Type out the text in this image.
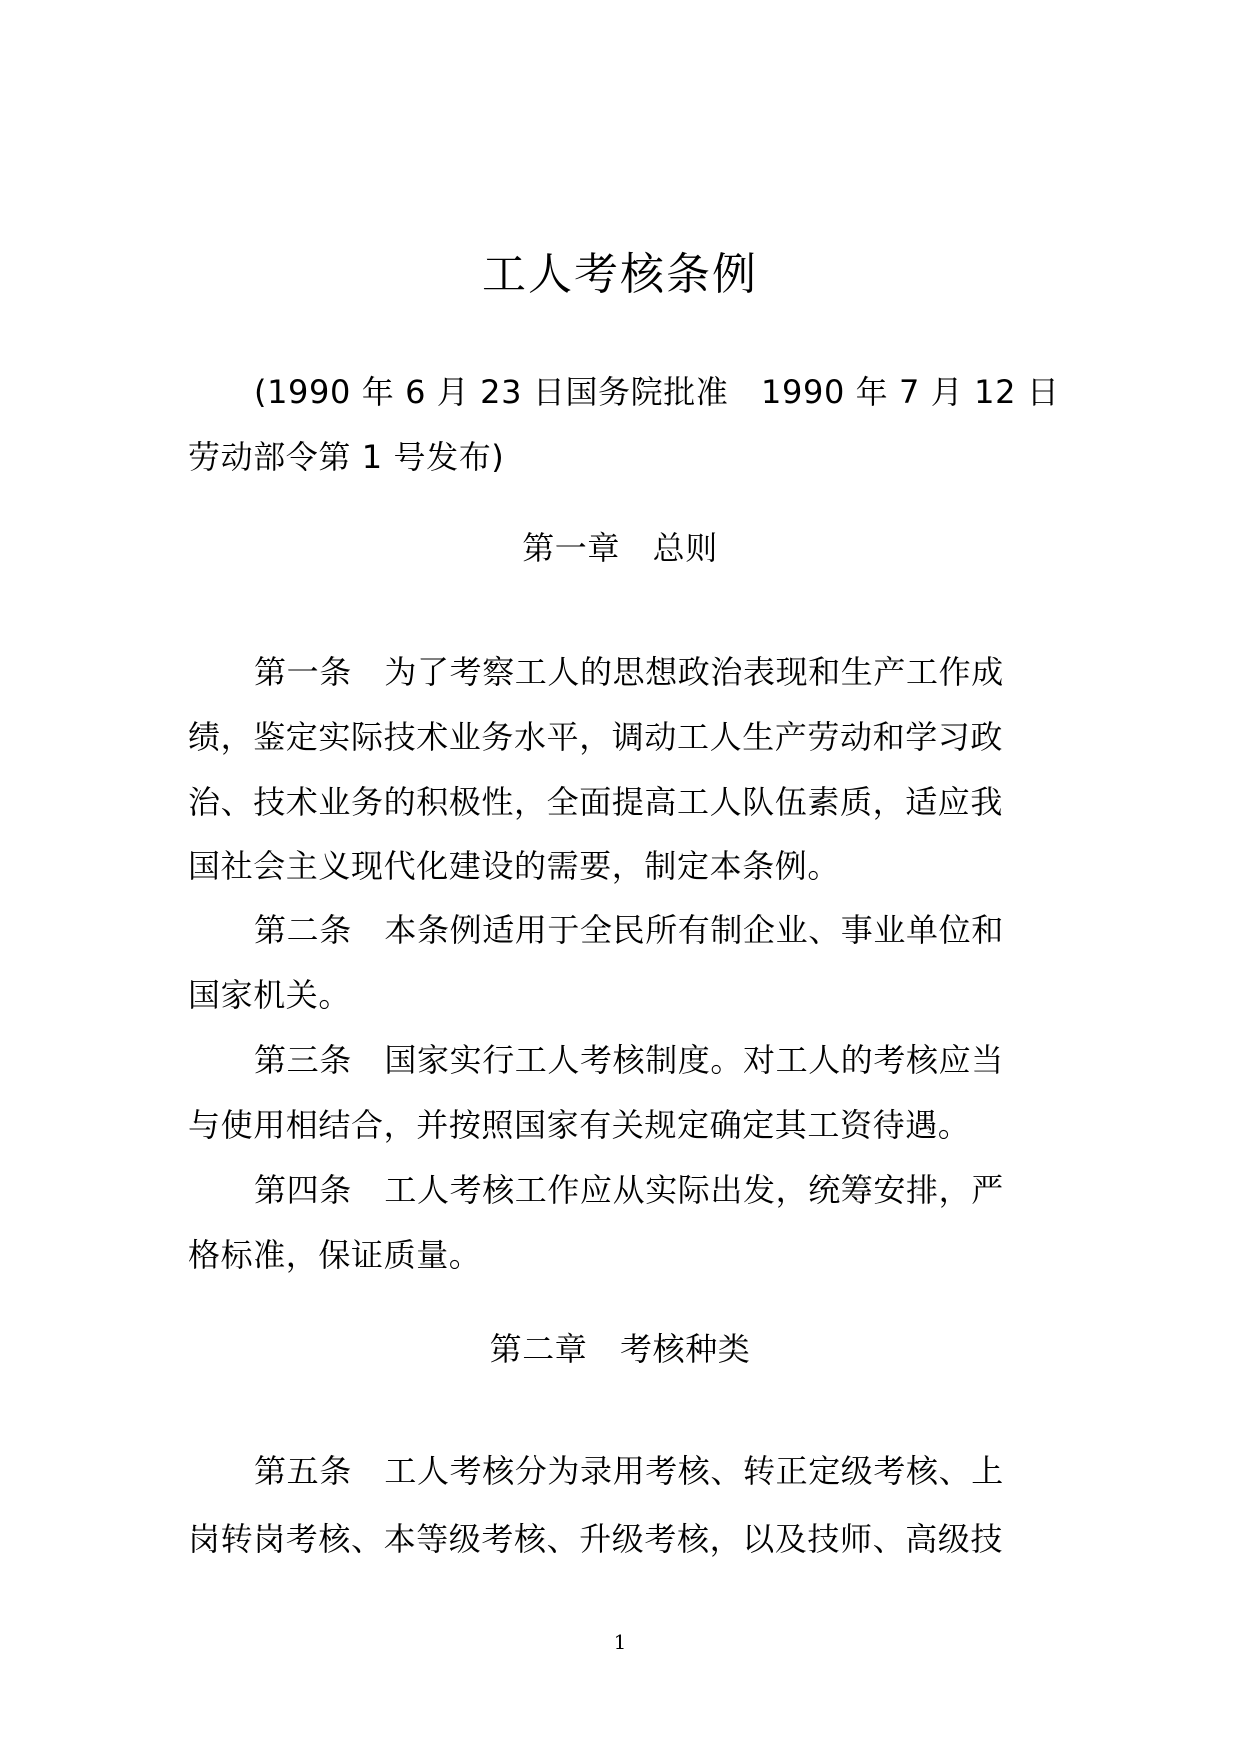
工人考核条例
(1990 年 6 月 23 日国务院批准　1990 年 7 月 12 日
劳动部令第 1 号发布)
第一章　总则
第一条　为了考察工人的思想政治表现和生产工作成
绩，鉴定实际技术业务水平，调动工人生产劳动和学习政
治、技术业务的积极性，全面提高工人队伍素质，适应我
国社会主义现代化建设的需要，制定本条例。
第二条　本条例适用于全民所有制企业、事业单位和
国家机关。
第三条　国家实行工人考核制度。对工人的考核应当
与使用相结合，并按照国家有关规定确定其工资待遇。
第四条　工人考核工作应从实际出发，统筹安排，严
格标准，保证质量。
第二章　考核种类
第五条　工人考核分为录用考核、转正定级考核、上
岗转岗考核、本等级考核、升级考核，以及技师、高级技
1
